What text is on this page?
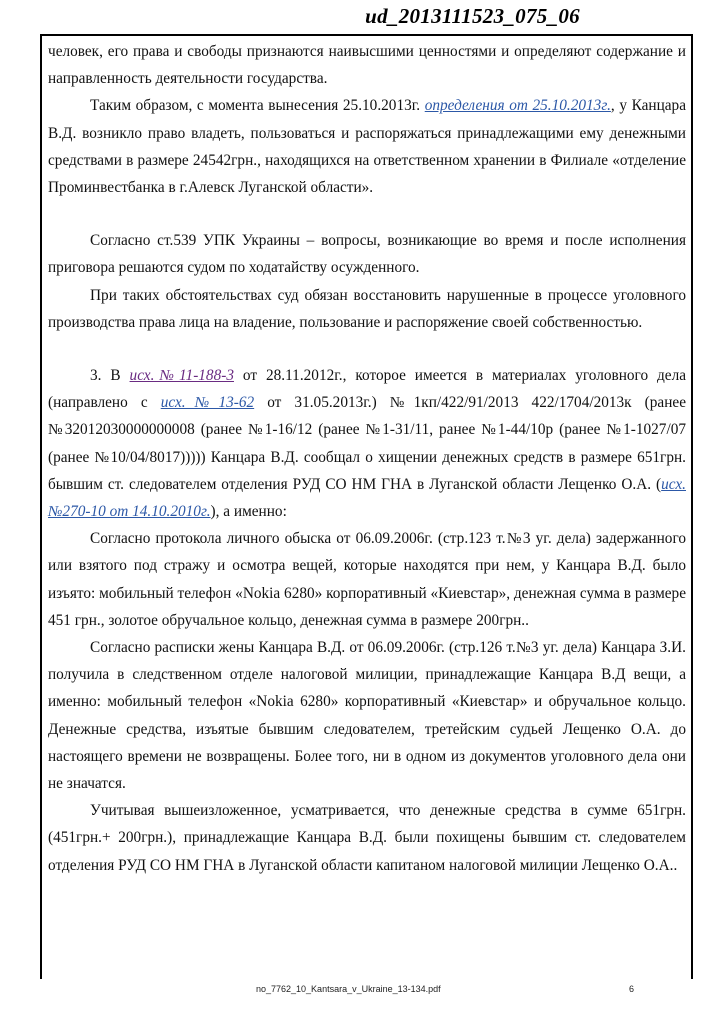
ud_2013111523_075_06

человек, его права и свободы признаются наивысшими ценностями и определяют содержание и направленность деятельности государства.

Таким образом, с момента вынесения 25.10.2013г. определения от 25.10.2013г., у Канцара В.Д. возникло право владеть, пользоваться и распоряжаться принадлежащими ему денежными средствами в размере 24542грн., находящихся на ответственном хранении в Филиале «отделение Проминвестбанка в г.Алевск Луганской области».

Согласно ст.539 УПК Украины – вопросы, возникающие во время и после исполнения приговора решаются судом по ходатайству осужденного.

При таких обстоятельствах суд обязан восстановить нарушенные в процессе уголовного производства права лица на владение, пользование и распоряжение своей собственностью.

3. В исх.№11-188-3 от 28.11.2012г., которое имеется в материалах уголовного дела (направлено с исх.№13-62 от 31.05.2013г.) №1кп/422/91/2013 422/1704/2013к (ранее №32012030000000008 (ранее №1-16/12 (ранее №1-31/11, ранее №1-44/10р (ранее №1-1027/07 (ранее №10/04/8017))))) Канцара В.Д. сообщал о хищении денежных средств в размере 651грн. бывшим ст. следователем отделения РУД СО НМ ГНА в Луганской области Лещенко О.А. (исх.№270-10 от 14.10.2010г.), а именно:

Согласно протокола личного обыска от 06.09.2006г. (стр.123 т.№3 уг. дела) задержанного или взятого под стражу и осмотра вещей, которые находятся при нем, у Канцара В.Д. было изъято: мобильный телефон «Nokia 6280» корпоративный «Киевстар», денежная сумма в размере 451 грн., золотое обручальное кольцо, денежная сумма в размере 200грн..

Согласно расписки жены Канцара В.Д. от 06.09.2006г. (стр.126 т.№3 уг. дела) Канцара З.И. получила в следственном отделе налоговой милиции, принадлежащие Канцара В.Д вещи, а именно: мобильный телефон «Nokia 6280» корпоративный «Киевстар» и обручальное кольцо. Денежные средства, изъятые бывшим следователем, третейским судьей Лещенко О.А. до настоящего времени не возвращены. Более того, ни в одном из документов уголовного дела они не значатся.

Учитывая вышеизложенное, усматривается, что денежные средства в сумме 651грн. (451грн.+ 200грн.), принадлежащие Канцара В.Д. были похищены бывшим ст. следователем отделения РУД СО НМ ГНА в Луганской области капитаном налоговой милиции Лещенко О.А..

no_7762_10_Kantsara_v_Ukraine_13-134.pdf	6
